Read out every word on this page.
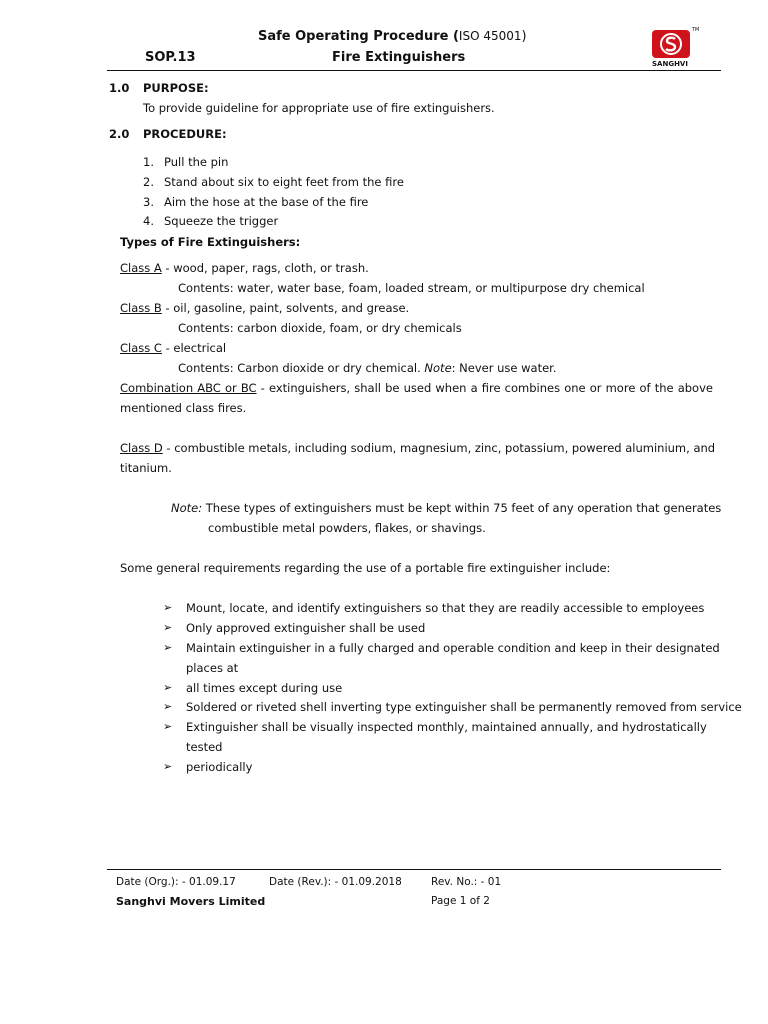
Safe Operating Procedure (ISO 45001)
SOP.13	Fire Extinguishers	SANGHVI
TM
1.0 PURPOSE:
To provide guideline for appropriate use of fire extinguishers.
2.0 PROCEDURE:
1. Pull the pin
2. Stand about six to eight feet from the fire
3. Aim the hose at the base of the fire
4. Squeeze the trigger
Types of Fire Extinguishers:
Class A - wood, paper, rags, cloth, or trash.
Contents: water, water base, foam, loaded stream, or multipurpose dry chemical
Class B - oil, gasoline, paint, solvents, and grease.
Contents: carbon dioxide, foam, or dry chemicals
Class C - electrical
Contents: Carbon dioxide or dry chemical. Note: Never use water.
Combination ABC or BC - extinguishers, shall be used when a fire combines one or more of the above
mentioned class fires.
Class D - combustible metals, including sodium, magnesium, zinc, potassium, powered aluminium, and
titanium.
Note: These types of extinguishers must be kept within 75 feet of any operation that generates
combustible metal powders, flakes, or shavings.
Some general requirements regarding the use of a portable fire extinguisher include:
➢ Mount, locate, and identify extinguishers so that they are readily accessible to employees
➢ Only approved extinguisher shall be used
➢ Maintain extinguisher in a fully charged and operable condition and keep in their designated
places at
➢ all times except during use
➢ Soldered or riveted shell inverting type extinguisher shall be permanently removed from service
➢ Extinguisher shall be visually inspected monthly, maintained annually, and hydrostatically
tested
➢ periodically
Date (Org.): - 01.09.17	Date (Rev.): - 01.09.2018	Rev. No.: - 01
Sanghvi Movers Limited	Page 1 of 2
